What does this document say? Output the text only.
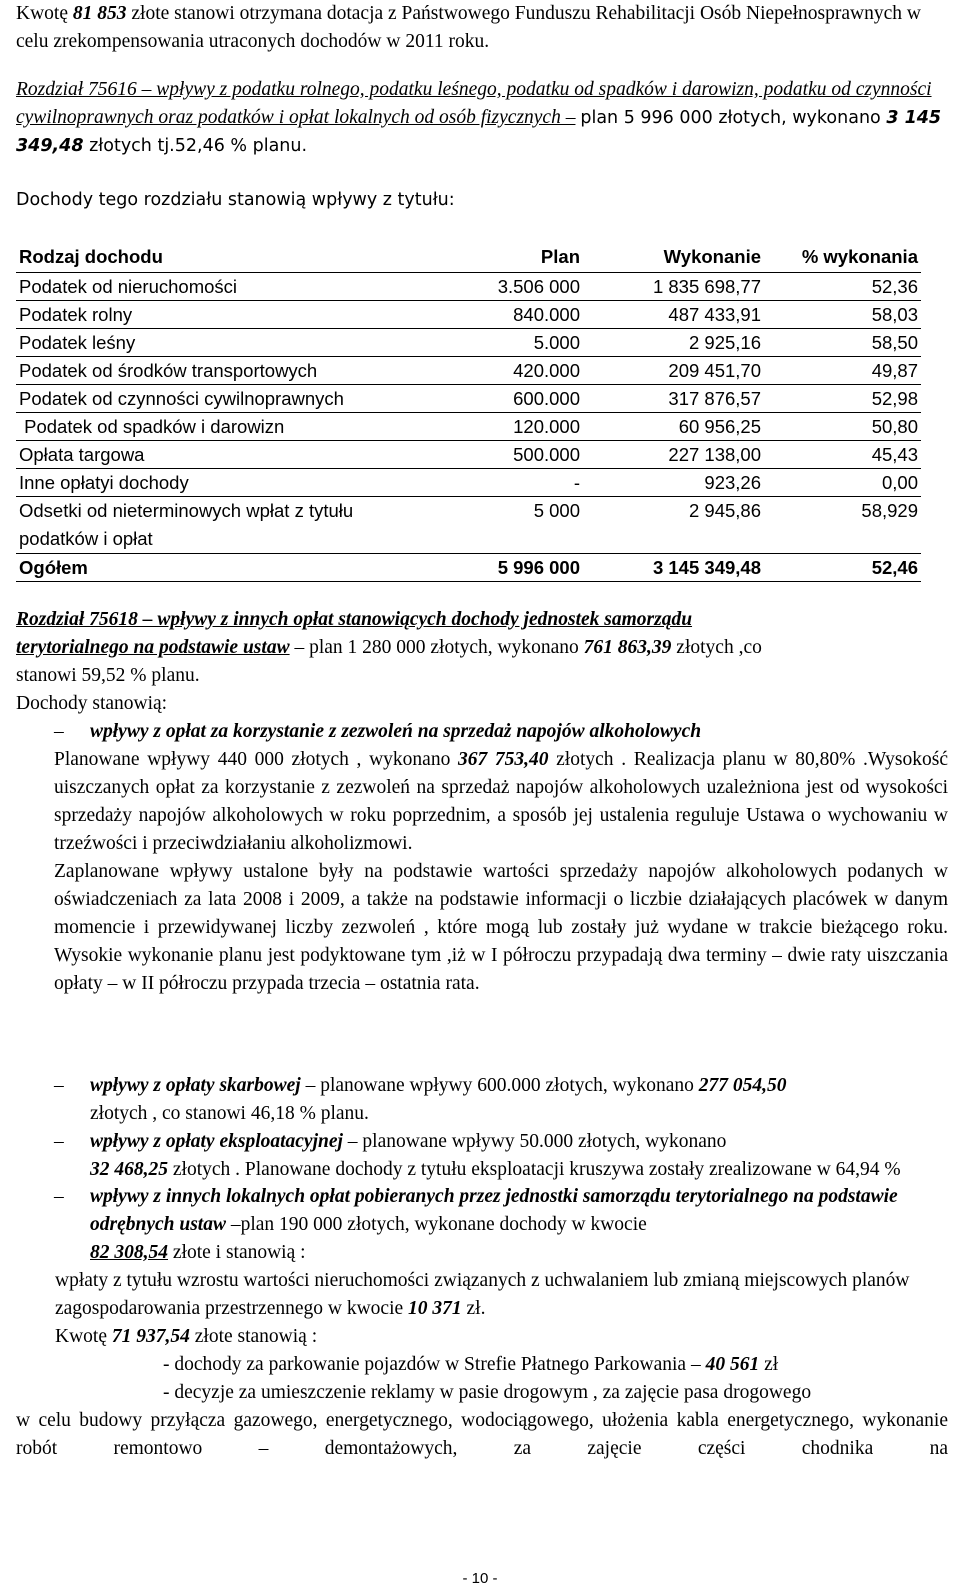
Kwotę 81 853 złote stanowi otrzymana dotacja z Państwowego Funduszu Rehabilitacji Osób Niepełnosprawnych w celu zrekompensowania utraconych dochodów w 2011 roku.

Rozdział 75616 – wpływy z podatku rolnego, podatku leśnego, podatku od spadków i darowizn, podatku od czynności cywilnoprawnych oraz podatków i opłat lokalnych od osób fizycznych – plan 5 996 000 złotych, wykonano 3 145 349,48 złotych tj.52,46 % planu.

Dochody tego rozdziału stanowią wpływy z tytułu:

Rodzaj dochodu	Plan	Wykonanie	% wykonania
Podatek od nieruchomości	3.506 000	1 835 698,77	52,36
Podatek rolny	840.000	487 433,91	58,03
Podatek leśny	5.000	2 925,16	58,50
Podatek od środków transportowych	420.000	209 451,70	49,87
Podatek od czynności cywilnoprawnych	600.000	317 876,57	52,98
Podatek od spadków i darowizn	120.000	60 956,25	50,80
Opłata targowa	500.000	227 138,00	45,43
Inne opłatyi dochody	-	923,26	0,00
Odsetki od nieterminowych wpłat z tytułu
podatków i opłat	5 000	2 945,86	58,929
Ogółem	5 996 000	3 145 349,48	52,46

Rozdział 75618 – wpływy z innych opłat stanowiących dochody jednostek samorządu
terytorialnego na podstawie ustaw – plan 1 280 000 złotych, wykonano 761 863,39 złotych ,co
stanowi 59,52 % planu.
Dochody stanowią:

–	wpływy z opłat za korzystanie z zezwoleń na sprzedaż napojów alkoholowych

Planowane wpływy 440 000 złotych , wykonano 367 753,40 złotych . Realizacja planu w 80,80% .Wysokość uiszczanych opłat za korzystanie z zezwoleń na sprzedaż napojów alkoholowych uzależniona jest od wysokości sprzedaży napojów alkoholowych w roku poprzednim, a sposób jej ustalenia reguluje Ustawa o wychowaniu w trzeźwości i przeciwdziałaniu alkoholizmowi.

Zaplanowane wpływy ustalone były na podstawie wartości sprzedaży napojów alkoholowych podanych w oświadczeniach za lata 2008 i 2009, a także na podstawie informacji o liczbie działających placówek w danym momencie i przewidywanej liczby zezwoleń , które mogą lub zostały już wydane w trakcie bieżącego roku. Wysokie wykonanie planu jest podyktowane tym ,iż w I półroczu przypadają dwa terminy – dwie raty uiszczania opłaty – w II półroczu przypada trzecia – ostatnia rata.

–	wpływy z opłaty skarbowej – planowane wpływy 600.000 złotych, wykonano 277 054,50
złotych , co stanowi 46,18 % planu.

–	wpływy z opłaty eksploatacyjnej – planowane wpływy 50.000 złotych, wykonano
32 468,25 złotych . Planowane dochody z tytułu eksploatacji kruszywa zostały zrealizowane w 64,94 %

–	wpływy z innych lokalnych opłat pobieranych przez jednostki samorządu terytorialnego na podstawie odrębnych ustaw –plan 190 000 złotych, wykonane dochody w kwocie
82 308,54 złote i stanowią :

wpłaty z tytułu wzrostu wartości nieruchomości związanych z uchwalaniem lub zmianą miejscowych planów zagospodarowania przestrzennego w kwocie 10 371 zł.

Kwotę 71 937,54 złote stanowią :

- dochody za parkowanie pojazdów w Strefie Płatnego Parkowania – 40 561 zł

- decyzje za umieszczenie reklamy w pasie drogowym , za zajęcie pasa drogowego

w celu budowy przyłącza gazowego, energetycznego, wodociągowego, ułożenia kabla energetycznego, wykonanie robót remontowo – demontażowych, za zajęcie części chodnika na

- 10 -
